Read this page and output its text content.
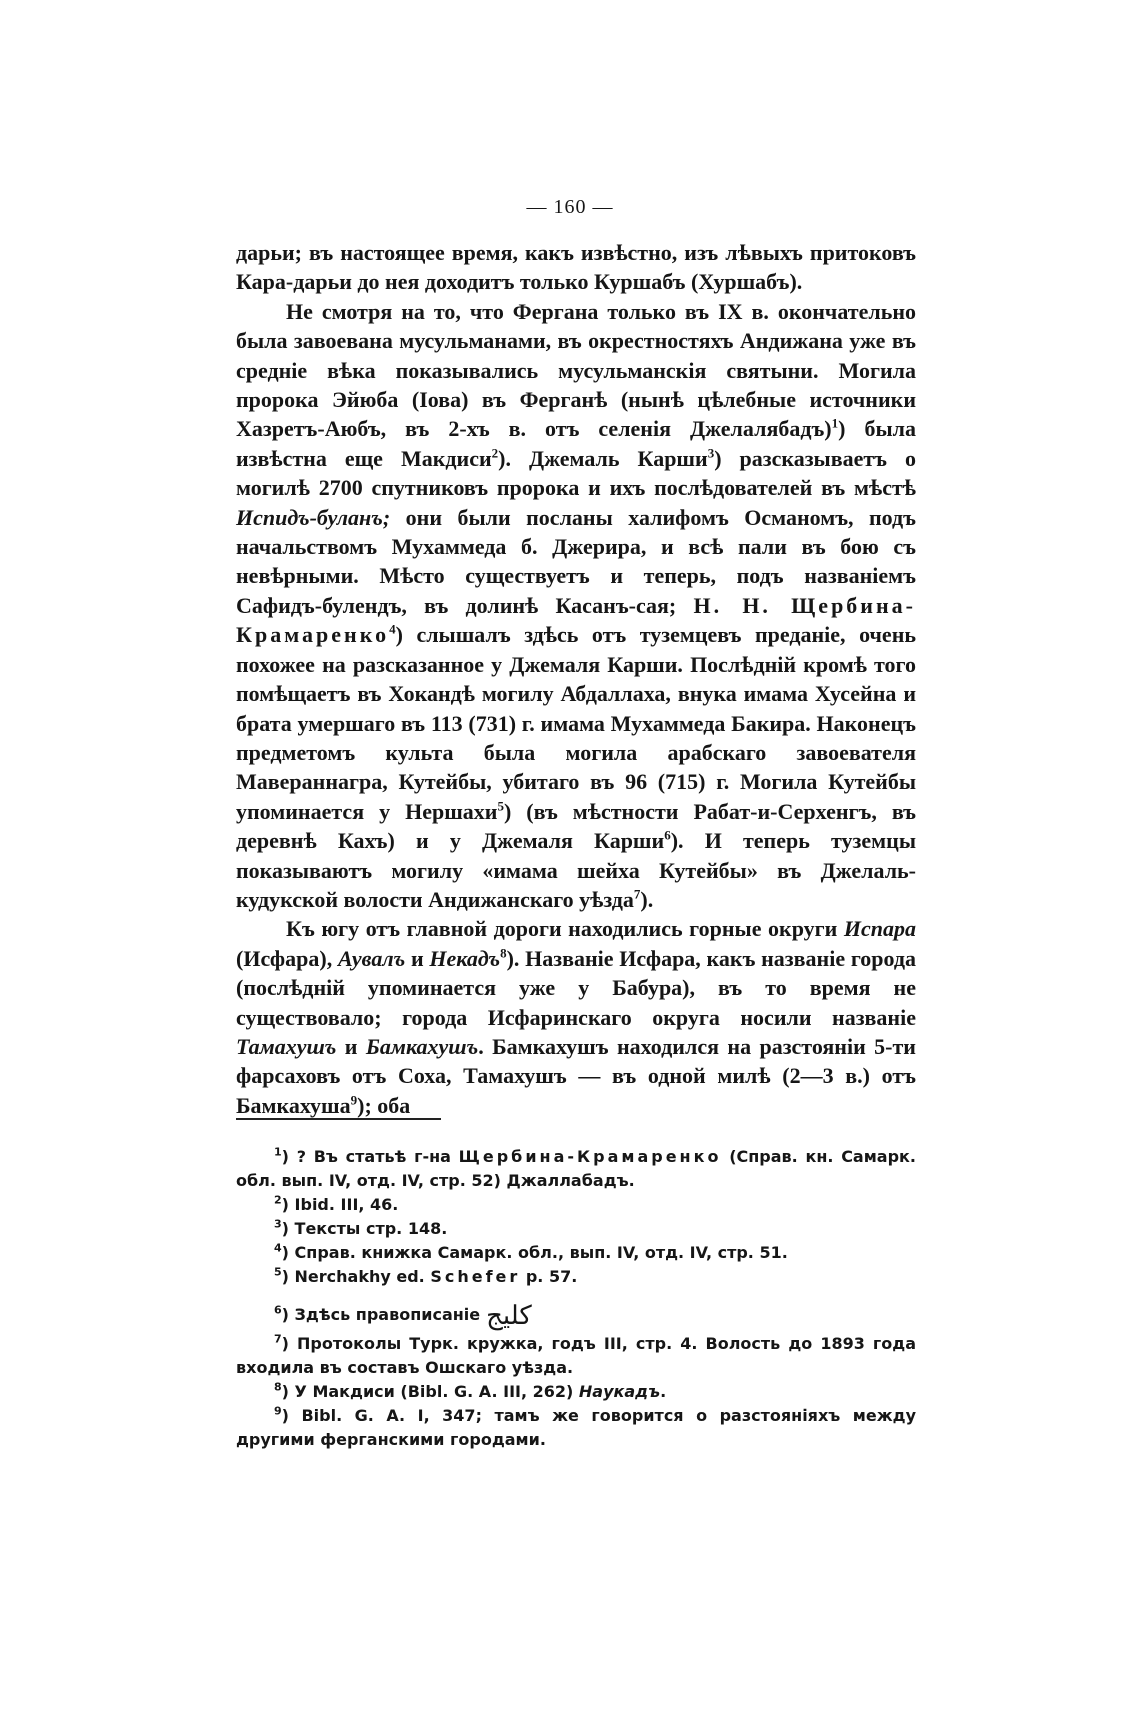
— 160 —

дарьи; въ настоящее время, какъ извѣстно, изъ лѣвыхъ притоковъ Кара-дарьи до нея доходитъ только Куршабъ (Хуршабъ).

Не смотря на то, что Фергана только въ IX в. окончательно была завоевана мусульманами, въ окрестностяхъ Андижана уже въ средніе вѣка показывались мусульманскія святыни. Могила пророка Эйюба (Іова) въ Ферганѣ (нынѣ цѣлебные источники Хазретъ-Аюбъ, въ 2-хъ в. отъ селенія Джелалябадъ)$^1$) была извѣстна еще Макдиси$^2$). Джемаль Карши$^3$) разсказываетъ о могилѣ 2700 спутниковъ пророка и ихъ послѣдователей въ мѣстѣ Испидъ-буланъ; они были посланы халифомъ Османомъ, подъ начальствомъ Мухаммеда б. Джерира, и всѣ пали въ бою съ невѣрными. Мѣсто существуетъ и теперь, подъ названіемъ Сафидъ-булендъ, въ долинѣ Касанъ-сая; Н. Н. Щербина-Крамаренко$^4$) слышалъ здѣсь отъ туземцевъ преданіе, очень похожее на разсказанное у Джемаля Карши. Послѣдній кромѣ того помѣщаетъ въ Хокандѣ могилу Абдаллаха, внука имама Хусейна и брата умершаго въ 113 (731) г. имама Мухаммеда Бакира. Наконецъ предметомъ культа была могила арабскаго завоевателя Мавераннагра, Кутейбы, убитаго въ 96 (715) г. Могила Кутейбы упоминается у Нершахи$^5$) (въ мѣстности Рабат-и-Серхенгъ, въ деревнѣ Кахъ) и у Джемаля Карши$^6$). И теперь туземцы показываютъ могилу «имама шейха Кутейбы» въ Джелаль-кудукской волости Андижанскаго уѣзда$^7$).

Къ югу отъ главной дороги находились горные округи Испара (Исфара), Аувалъ и Некадъ$^8$). Названіе Исфара, какъ названіе города (послѣдній упоминается уже у Бабура), въ то время не существовало; города Исфаринскаго округа носили названіе Тамахушъ и Бамкахушъ. Бамкахушъ находился на разстояніи 5-ти фарсаховъ отъ Соха, Тамахушъ — въ одной милѣ (2—3 в.) отъ Бамкахуша$^9$); оба

$^1$) ? Въ статьѣ г-на Щербина-Крамаренко (Справ. кн. Самарк. обл. вып. IV, отд. IV, стр. 52) Джаллабадъ.

$^2$) Ibid. III, 46.

$^3$) Тексты стр. 148.

$^4$) Справ. книжка Самарк. обл., вып. IV, отд. IV, стр. 51.

$^5$) Nerchakhy ed. Schefer p. 57.

$^6$) Здѣсь правописаніе کلیج

$^7$) Протоколы Турк. кружка, годъ III, стр. 4. Волость до 1893 года входила въ составъ Ошскаго уѣзда.

$^8$) У Макдиси (Bibl. G. A. III, 262) Наукадъ.

$^9$) Bibl. G. A. I, 347; тамъ же говорится о разстояніяхъ между другими ферганскими городами.
